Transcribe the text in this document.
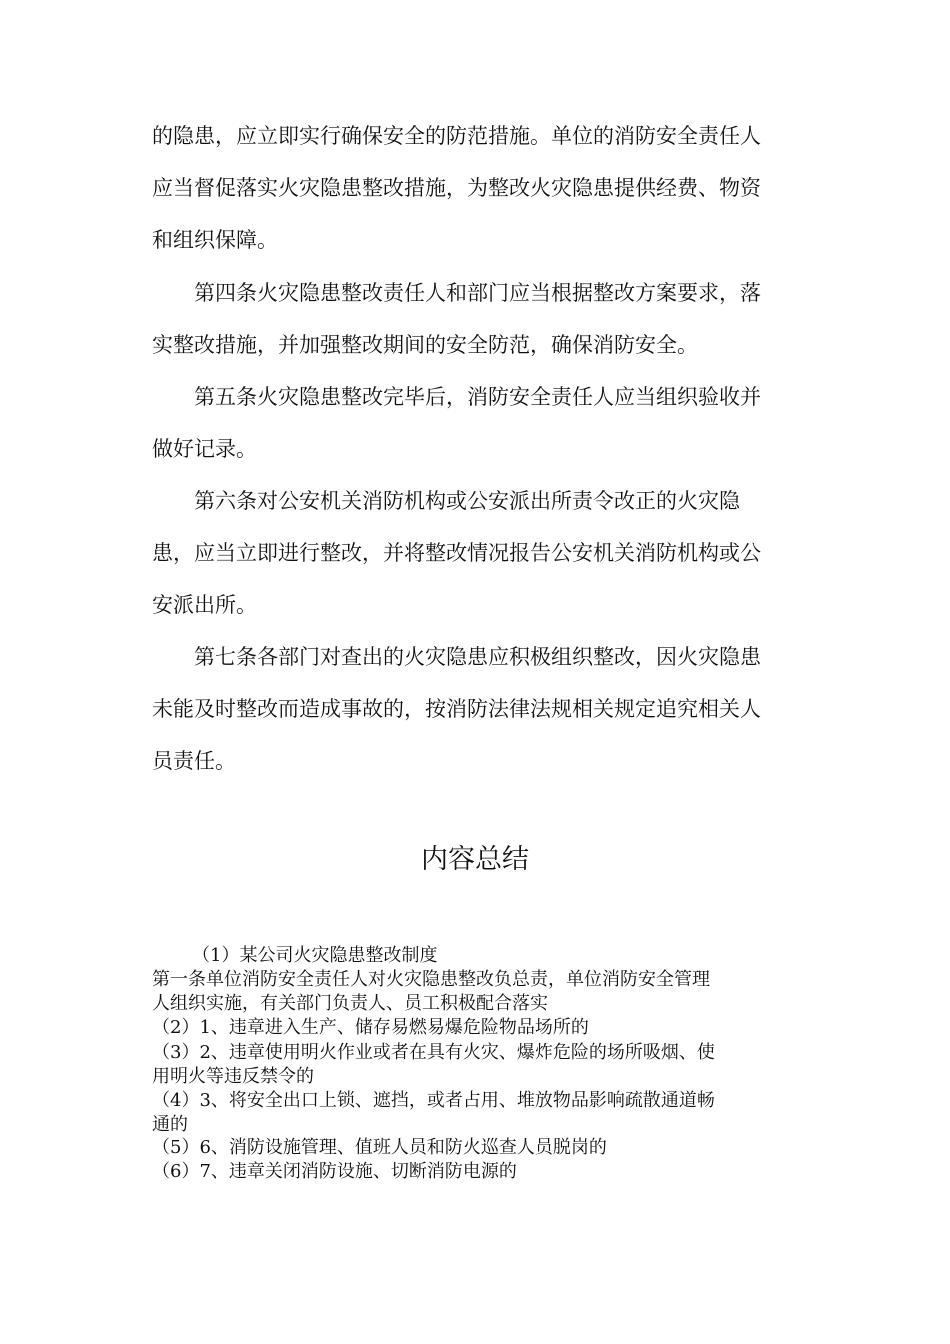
的隐患，应立即实行确保安全的防范措施。单位的消防安全责任人
应当督促落实火灾隐患整改措施，为整改火灾隐患提供经费、物资
和组织保障。
第四条火灾隐患整改责任人和部门应当根据整改方案要求，落
实整改措施，并加强整改期间的安全防范，确保消防安全。
第五条火灾隐患整改完毕后，消防安全责任人应当组织验收并
做好记录。
第六条对公安机关消防机构或公安派出所责令改正的火灾隐
患，应当立即进行整改，并将整改情况报告公安机关消防机构或公
安派出所。
第七条各部门对查出的火灾隐患应积极组织整改，因火灾隐患
未能及时整改而造成事故的，按消防法律法规相关规定追究相关人
员责任。
内容总结
（1）某公司火灾隐患整改制度
第一条单位消防安全责任人对火灾隐患整改负总责，单位消防安全管理
人组织实施，有关部门负责人、员工积极配合落实
（2）1、违章进入生产、储存易燃易爆危险物品场所的
（3）2、违章使用明火作业或者在具有火灾、爆炸危险的场所吸烟、使
用明火等违反禁令的
（4）3、将安全出口上锁、遮挡，或者占用、堆放物品影响疏散通道畅
通的
（5）6、消防设施管理、值班人员和防火巡查人员脱岗的
（6）7、违章关闭消防设施、切断消防电源的
